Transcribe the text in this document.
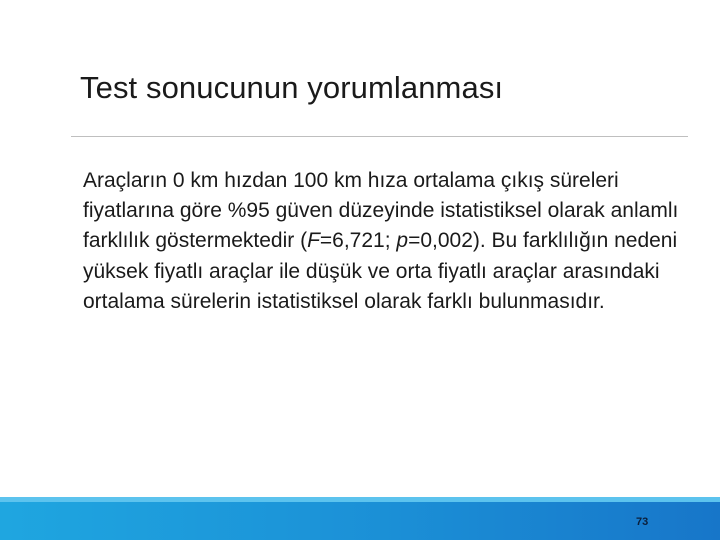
Test sonucunun yorumlanması

Araçların 0 km hızdan 100 km hıza ortalama çıkış süreleri fiyatlarına göre %95 güven düzeyinde istatistiksel olarak anlamlı farklılık göstermektedir (F=6,721; p=0,002). Bu farklılığın nedeni yüksek fiyatlı araçlar ile düşük ve orta fiyatlı araçlar arasındaki ortalama sürelerin istatistiksel olarak farklı bulunmasıdır.

73
